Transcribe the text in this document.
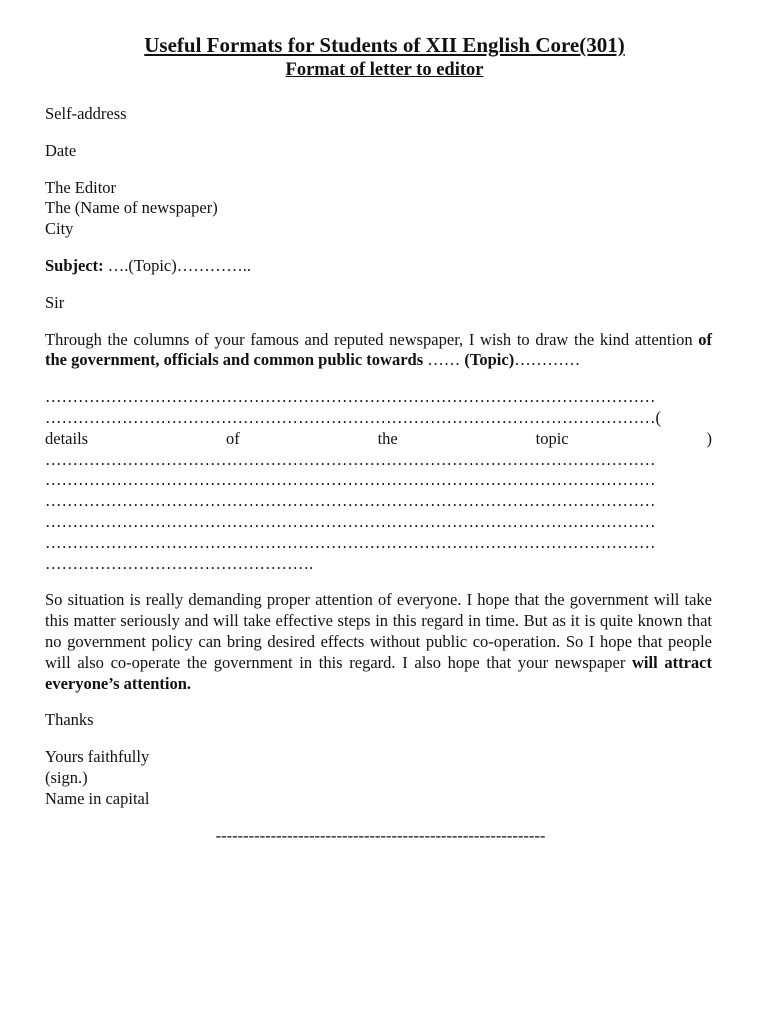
Useful Formats for Students of XII English Core(301)
Format of letter to editor

Self-address

Date

The Editor
The (Name of newspaper)
City

Subject: ….(Topic)…………..

Sir

Through the columns of your famous and reputed newspaper, I wish to draw the kind attention of the government, officials and common public towards …… (Topic)…………

…………………………………………………………………………………………………
…………………………………………………………………………………………………(
details	of	the	topic	)
…………………………………………………………………………………………………
…………………………………………………………………………………………………
…………………………………………………………………………………………………
…………………………………………………………………………………………………
…………………………………………………………………………………………………
………………………………………….

So situation is really demanding proper attention of everyone. I hope that the government will take this matter seriously and will take effective steps in this regard in time. But as it is quite known that no government policy can bring desired effects without public co-operation. So I hope that people will also co-operate the government in this regard. I also hope that your newspaper will attract everyone’s attention.

Thanks

Yours faithfully
(sign.)
Name in capital
------------------------------------------------------------
